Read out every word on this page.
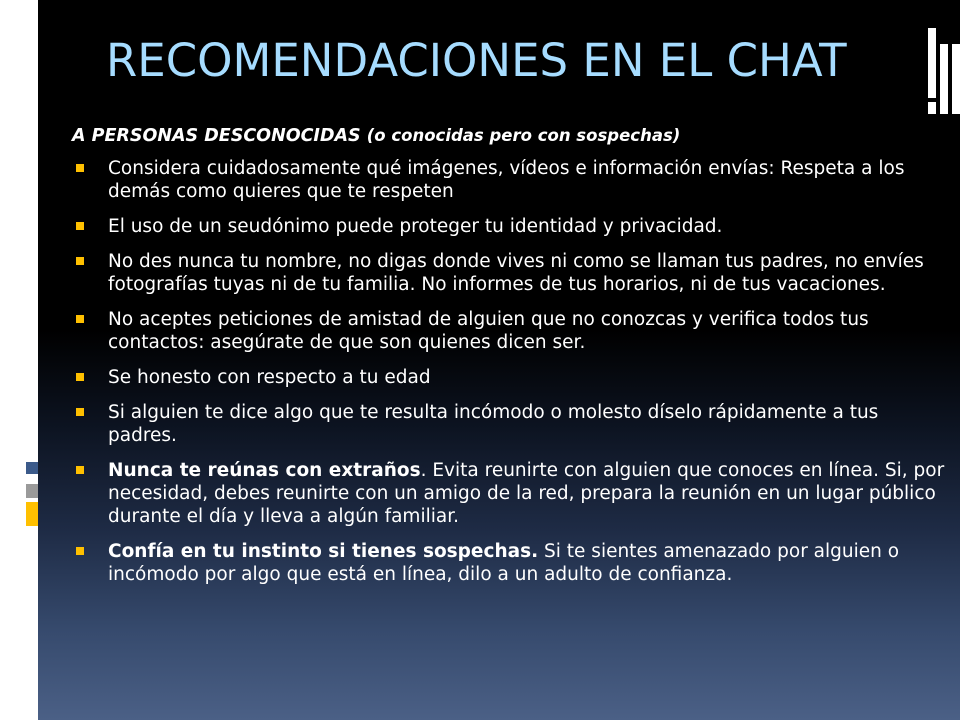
RECOMENDACIONES EN EL CHAT

A PERSONAS DESCONOCIDAS (o conocidas pero con sospechas)

Considera cuidadosamente qué imágenes, vídeos e información envías: Respeta a los demás como quieres que te respeten
El uso de un seudónimo puede proteger tu identidad y privacidad.
No des nunca tu nombre, no digas donde vives ni como se llaman tus padres, no envíes fotografías tuyas ni de tu familia. No informes de tus horarios, ni de tus vacaciones.
No aceptes peticiones de amistad de alguien que no conozcas y verifica todos tus contactos: asegúrate de que son quienes dicen ser.
Se honesto con respecto a tu edad
Si alguien te dice algo que te resulta incómodo o molesto díselo rápidamente a tus padres.
Nunca te reúnas con extraños. Evita reunirte con alguien que conoces en línea. Si, por necesidad, debes reunirte con un amigo de la red, prepara la reunión en un lugar público durante el día y lleva a algún familiar.
Confía en tu instinto si tienes sospechas. Si te sientes amenazado por alguien o incómodo por algo que está en línea, dilo a un adulto de confianza.
